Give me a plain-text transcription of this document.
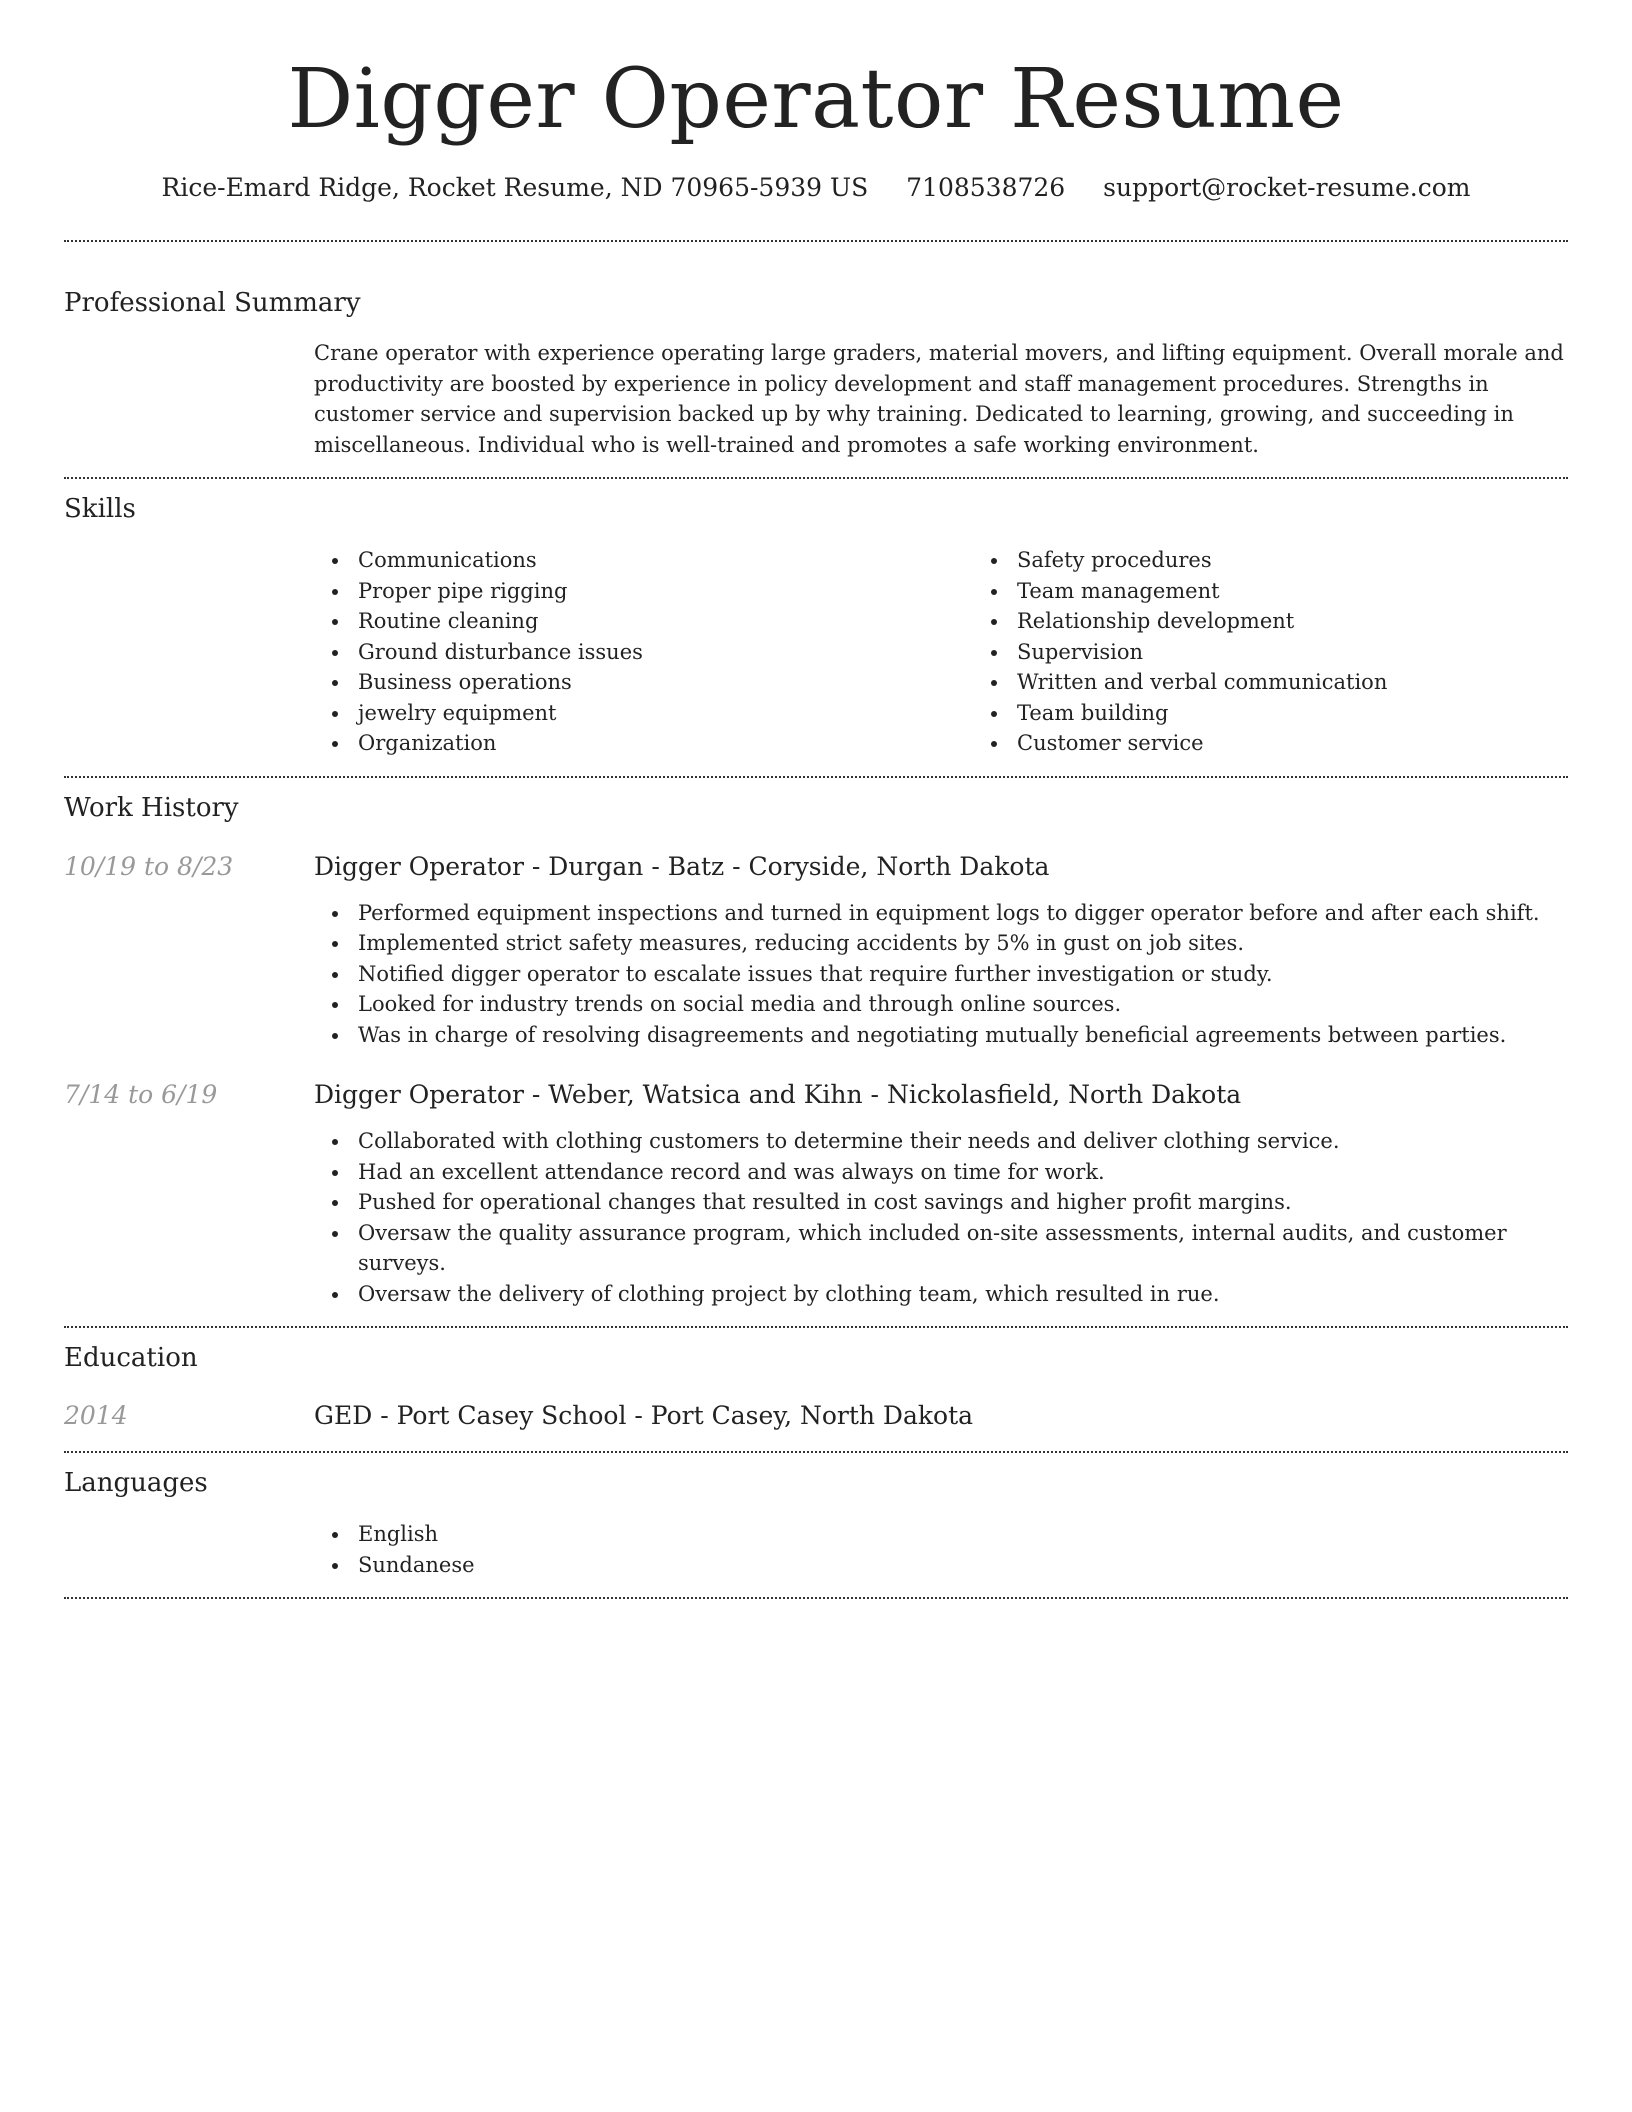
Digger Operator Resume
Rice-Emard Ridge, Rocket Resume, ND 70965-5939 US 7108538726 support@rocket-resume.com
Professional Summary

Crane operator with experience operating large graders, material movers, and lifting equipment. Overall morale and productivity are boosted by experience in policy development and staff management procedures. Strengths in customer service and supervision backed up by why training. Dedicated to learning, growing, and succeeding in miscellaneous. Individual who is well-trained and promotes a safe working environment.

Skills
Communications
Proper pipe rigging
Routine cleaning
Ground disturbance issues
Business operations
jewelry equipment
Organization
Safety procedures
Team management
Relationship development
Supervision
Written and verbal communication
Team building
Customer service
Work History
10/19 to 8/23	Digger Operator - Durgan - Batz - Coryside, North Dakota
Performed equipment inspections and turned in equipment logs to digger operator before and after each shift.
Implemented strict safety measures, reducing accidents by 5% in gust on job sites.
Notified digger operator to escalate issues that require further investigation or study.
Looked for industry trends on social media and through online sources.
Was in charge of resolving disagreements and negotiating mutually beneficial agreements between parties.
7/14 to 6/19	Digger Operator - Weber, Watsica and Kihn - Nickolasfield, North Dakota
Collaborated with clothing customers to determine their needs and deliver clothing service.
Had an excellent attendance record and was always on time for work.
Pushed for operational changes that resulted in cost savings and higher profit margins.
Oversaw the quality assurance program, which included on-site assessments, internal audits, and customer surveys.
Oversaw the delivery of clothing project by clothing team, which resulted in rue.
Education
2014	GED - Port Casey School - Port Casey, North Dakota
Languages
English
Sundanese
